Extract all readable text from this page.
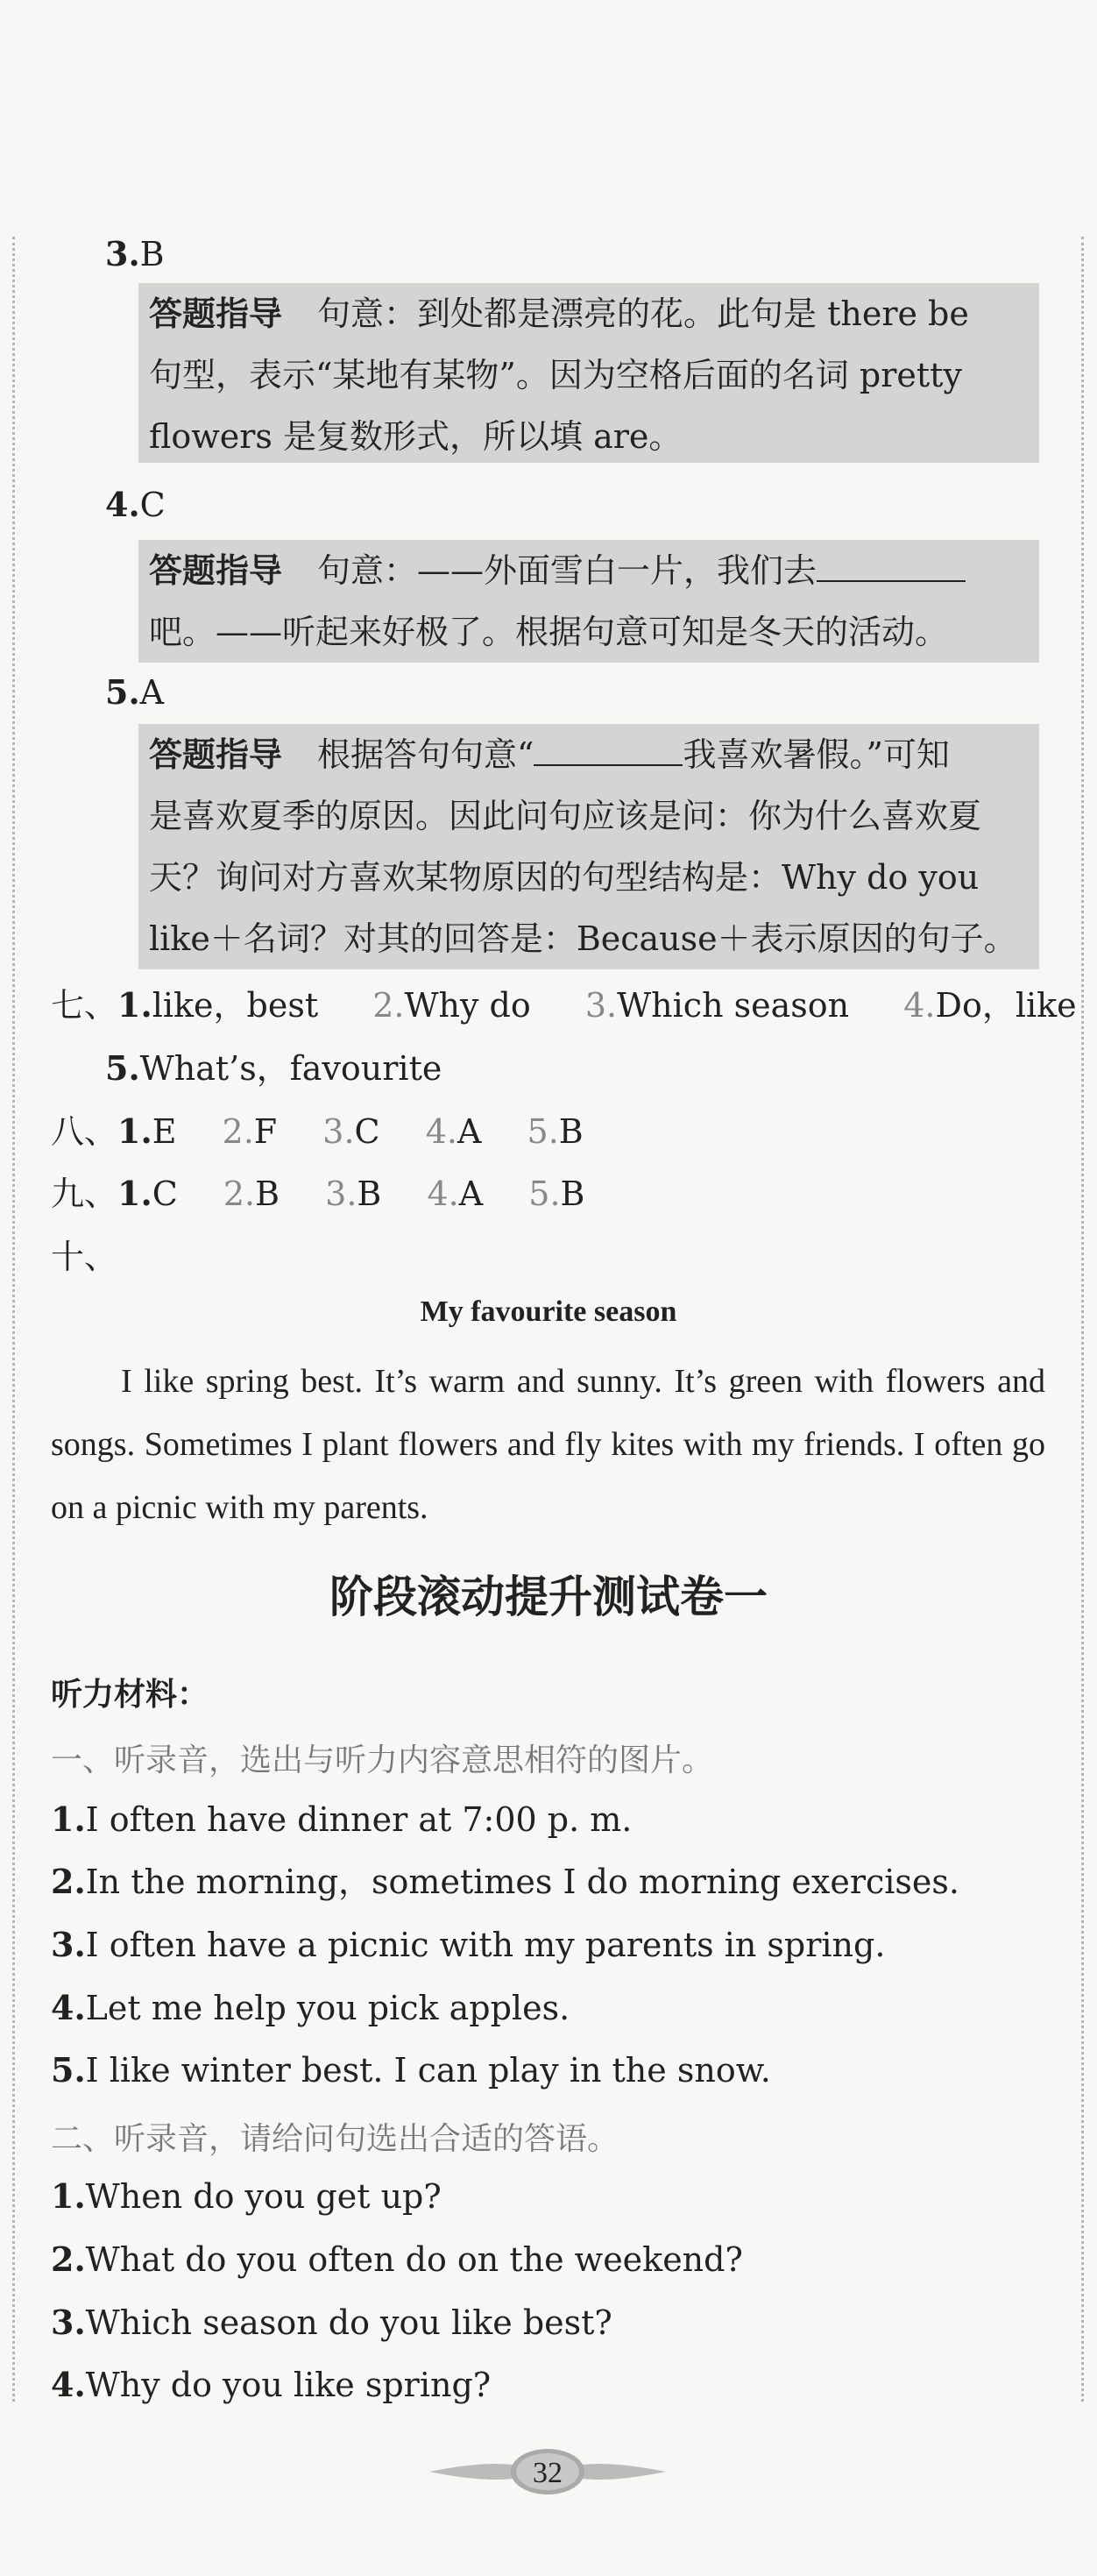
3.B
答题指导 句意：到处都是漂亮的花。此句是 there be
句型，表示“某地有某物”。因为空格后面的名词 pretty
flowers 是复数形式，所以填 are。
4.C
答题指导 句意：——外面雪白一片，我们去
吧。——听起来好极了。根据句意可知是冬天的活动。
5.A
答题指导 根据答句句意“	我喜欢暑假。”可知
是喜欢夏季的原因。因此问句应该是问：你为什么喜欢夏
天？询问对方喜欢某物原因的句型结构是：Why do you
like＋名词？对其的回答是：Because＋表示原因的句子。
七、1.like，best 2.Why do 3.Which season 4.Do，like
5.What’s，favourite
八、1.E 2.F 3.C 4.A 5.B
九、1.C 2.B 3.B 4.A 5.B
十、
My favourite season
I like spring best. It’s warm and sunny. It’s green with flowers and songs. Sometimes I plant flowers and fly kites with my friends. I often go on a picnic with my parents.
阶段滚动提升测试卷一
听力材料：
一、听录音，选出与听力内容意思相符的图片。
1.I often have dinner at 7:00 p. m.
2.In the morning，sometimes I do morning exercises.
3.I often have a picnic with my parents in spring.
4.Let me help you pick apples.
5.I like winter best. I can play in the snow.
二、听录音，请给问句选出合适的答语。
1.When do you get up?
2.What do you often do on the weekend?
3.Which season do you like best?
4.Why do you like spring?
32
